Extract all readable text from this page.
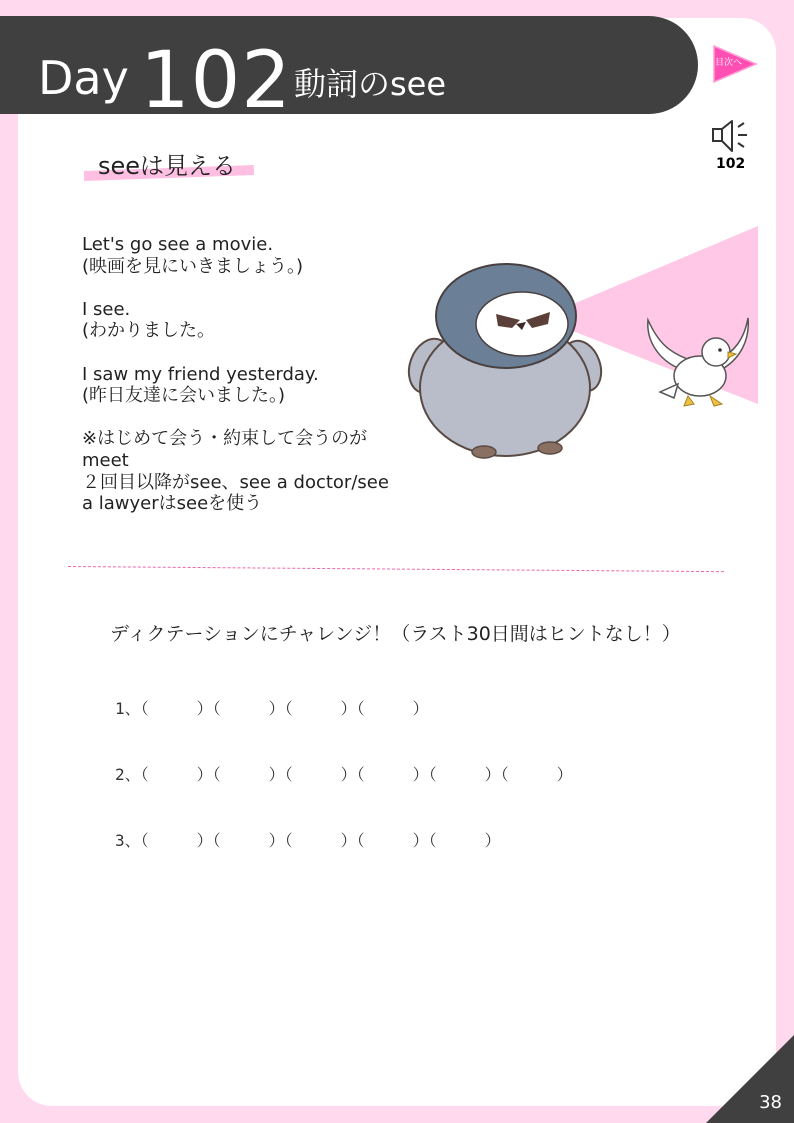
Day 102 動詞のsee
目次へ
102
seeは見える
Let's go see a movie.
(映画を見にいきましょう。)
I see.
(わかりました。
I saw my friend yesterday.
(昨日友達に会いました。)
※はじめて会う・約束して会うのが
meet
２回目以降がsee、see a doctor/see
a lawyerはseeを使う
ディクテーションにチャレンジ！（ラスト30日間はヒントなし！）
1、（　　　）（　　　）（　　　）（　　　）
2、（　　　）（　　　）（　　　）（　　　）（　　　）（　　　）
3、（　　　）（　　　）（　　　）（　　　）（　　　）
38
